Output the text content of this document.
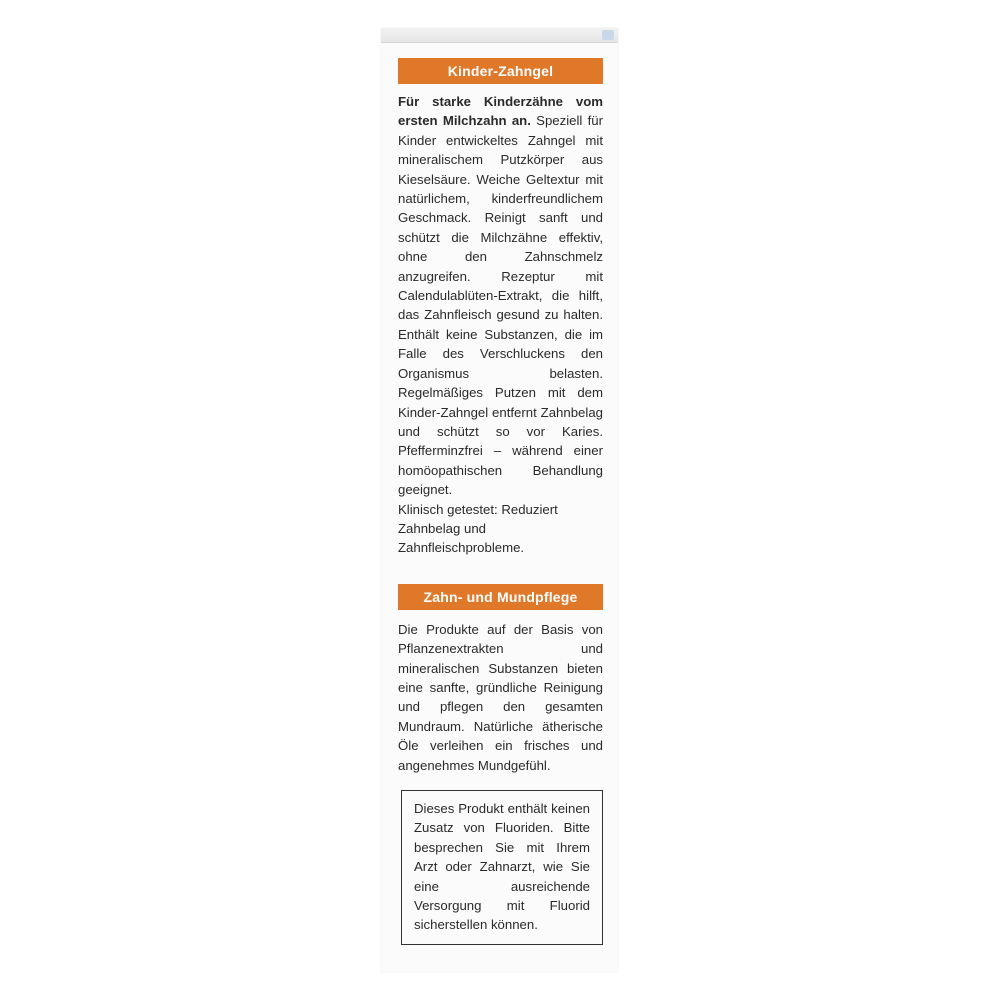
Kinder-Zahngel
Für starke Kinderzähne vom ersten Milchzahn an. Speziell für Kinder entwickeltes Zahngel mit mineralischem Putzkörper aus Kieselsäure. Weiche Geltextur mit natürlichem, kinderfreundlichem Geschmack. Reinigt sanft und schützt die Milchzähne effektiv, ohne den Zahnschmelz anzugreifen. Rezeptur mit Calendulablüten-Extrakt, die hilft, das Zahnfleisch gesund zu halten. Enthält keine Substanzen, die im Falle des Verschluckens den Organismus belasten. Regelmäßiges Putzen mit dem Kinder-Zahngel entfernt Zahnbelag und schützt so vor Karies. Pfefferminzfrei – während einer homöopathischen Behandlung geeignet.
Klinisch getestet: Reduziert Zahnbelag und Zahnfleischprobleme.
Zahn- und Mundpflege
Die Produkte auf der Basis von Pflanzenextrakten und mineralischen Substanzen bieten eine sanfte, gründliche Reinigung und pflegen den gesamten Mundraum. Natürliche ätherische Öle verleihen ein frisches und angenehmes Mundgefühl.
Dieses Produkt enthält keinen Zusatz von Fluoriden. Bitte besprechen Sie mit Ihrem Arzt oder Zahnarzt, wie Sie eine ausreichende Versorgung mit Fluorid sicherstellen können.
